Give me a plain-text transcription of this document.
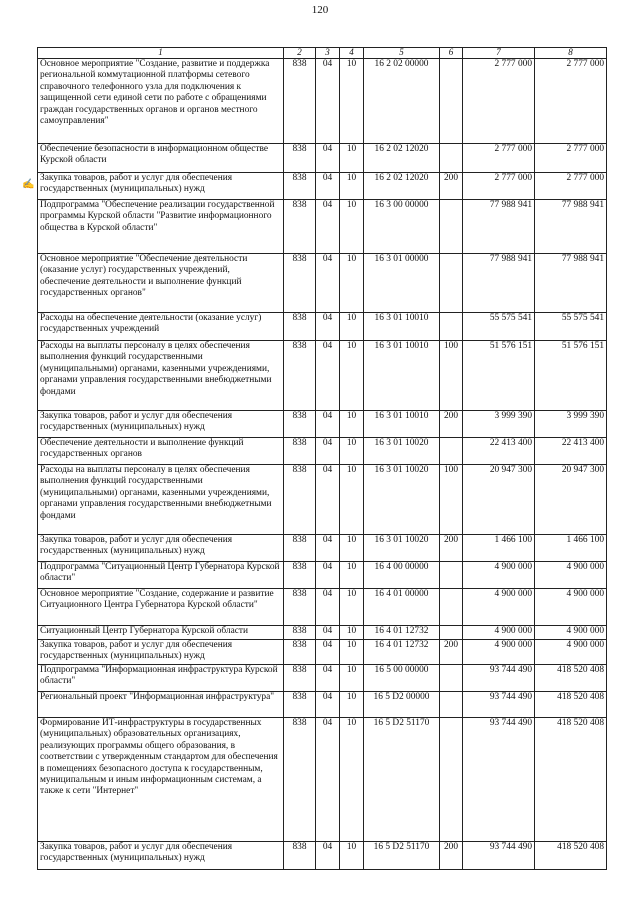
120
✍
1	2	3	4	5	6	7	8
Основное мероприятие "Создание, развитие и поддержка региональной коммутационной платформы сетевого справочного телефонного узла для подключения к защищенной сети единой сети по работе с обращениями граждан государственных органов и органов местного самоуправления"	838	04	10	16 2 02 00000		2 777 000	2 777 000
Обеспечение безопасности в информационном обществе Курской области	838	04	10	16 2 02 12020		2 777 000	2 777 000
Закупка товаров, работ и услуг для обеспечения государственных (муниципальных) нужд	838	04	10	16 2 02 12020	200	2 777 000	2 777 000
Подпрограмма "Обеспечение реализации государственной программы Курской области "Развитие информационного общества в Курской области"	838	04	10	16 3 00 00000		77 988 941	77 988 941
Основное мероприятие "Обеспечение деятельности (оказание услуг) государственных учреждений, обеспечение деятельности и выполнение функций государственных органов"	838	04	10	16 3 01 00000		77 988 941	77 988 941
Расходы на обеспечение деятельности (оказание услуг) государственных учреждений	838	04	10	16 3 01 10010		55 575 541	55 575 541
Расходы на выплаты персоналу в целях обеспечения выполнения функций государственными (муниципальными) органами, казенными учреждениями, органами управления государственными внебюджетными фондами	838	04	10	16 3 01 10010	100	51 576 151	51 576 151
Закупка товаров, работ и услуг для обеспечения государственных (муниципальных) нужд	838	04	10	16 3 01 10010	200	3 999 390	3 999 390
Обеспечение деятельности и выполнение функций государственных органов	838	04	10	16 3 01 10020		22 413 400	22 413 400
Расходы на выплаты персоналу в целях обеспечения выполнения функций государственными (муниципальными) органами, казенными учреждениями, органами управления государственными внебюджетными фондами	838	04	10	16 3 01 10020	100	20 947 300	20 947 300
Закупка товаров, работ и услуг для обеспечения государственных (муниципальных) нужд	838	04	10	16 3 01 10020	200	1 466 100	1 466 100
Подпрограмма "Ситуационный Центр Губернатора Курской области"	838	04	10	16 4 00 00000		4 900 000	4 900 000
Основное мероприятие "Создание, содержание и развитие Ситуационного Центра Губернатора Курской области"	838	04	10	16 4 01 00000		4 900 000	4 900 000
Ситуационный Центр Губернатора Курской области	838	04	10	16 4 01 12732		4 900 000	4 900 000
Закупка товаров, работ и услуг для обеспечения государственных (муниципальных) нужд	838	04	10	16 4 01 12732	200	4 900 000	4 900 000
Подпрограмма "Информационная инфраструктура Курской области"	838	04	10	16 5 00 00000		93 744 490	418 520 408
Региональный проект "Информационная инфраструктура"	838	04	10	16 5 D2 00000		93 744 490	418 520 408
Формирование ИТ-инфраструктуры в государственных (муниципальных) образовательных организациях, реализующих программы общего образования, в соответствии с утвержденным стандартом для обеспечения в помещениях безопасного доступа к государственным, муниципальным и иным информационным системам, а также к сети "Интернет"	838	04	10	16 5 D2 51170		93 744 490	418 520 408
Закупка товаров, работ и услуг для обеспечения государственных (муниципальных) нужд	838	04	10	16 5 D2 51170	200	93 744 490	418 520 408
